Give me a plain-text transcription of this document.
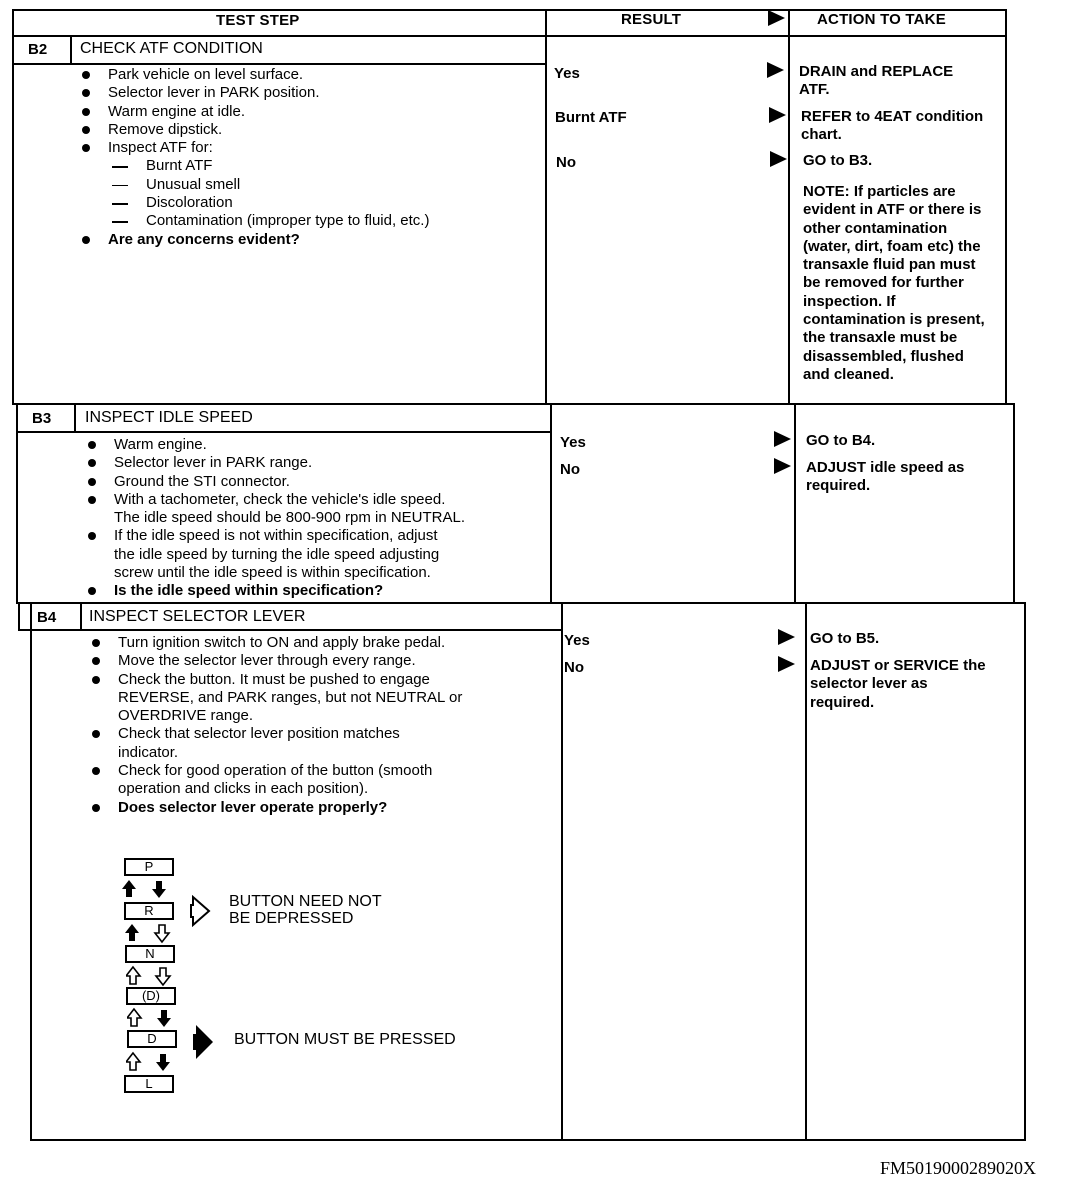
TEST STEP	RESULT	ACTION TO TAKE
B2 CHECK ATF CONDITION
Park vehicle on level surface.
Selector lever in PARK position.
Warm engine at idle.
Remove dipstick.
Inspect ATF for:
Burnt ATF
Unusual smell
Discoloration
Contamination (improper type to fluid, etc.)
Are any concerns evident?
Yes	DRAIN and REPLACE
ATF.
Burnt ATF	REFER to 4EAT condition
chart.
No	GO to B3.
NOTE: If particles are
evident in ATF or there is
other contamination
(water, dirt, foam etc) the
transaxle fluid pan must
be removed for further
inspection. If
contamination is present,
the transaxle must be
disassembled, flushed
and cleaned.
B3 INSPECT IDLE SPEED
Warm engine.
Selector lever in PARK range.
Ground the STI connector.
With a tachometer, check the vehicle's idle speed.
The idle speed should be 800-900 rpm in NEUTRAL.
If the idle speed is not within specification, adjust
the idle speed by turning the idle speed adjusting
screw until the idle speed is within specification.
Is the idle speed within specification?
Yes	GO to B4.
No	ADJUST idle speed as
required.
B4 INSPECT SELECTOR LEVER
Turn ignition switch to ON and apply brake pedal.
Move the selector lever through every range.
Check the button. It must be pushed to engage
REVERSE, and PARK ranges, but not NEUTRAL or
OVERDRIVE range.
Check that selector lever position matches
indicator.
Check for good operation of the button (smooth
operation and clicks in each position).
Does selector lever operate properly?
Yes	GO to B5.
No	ADJUST or SERVICE the
selector lever as
required.
P
R
N
(D)
D
L
BUTTON NEED NOT
BE DEPRESSED
BUTTON MUST BE PRESSED
FM5019000289020X
